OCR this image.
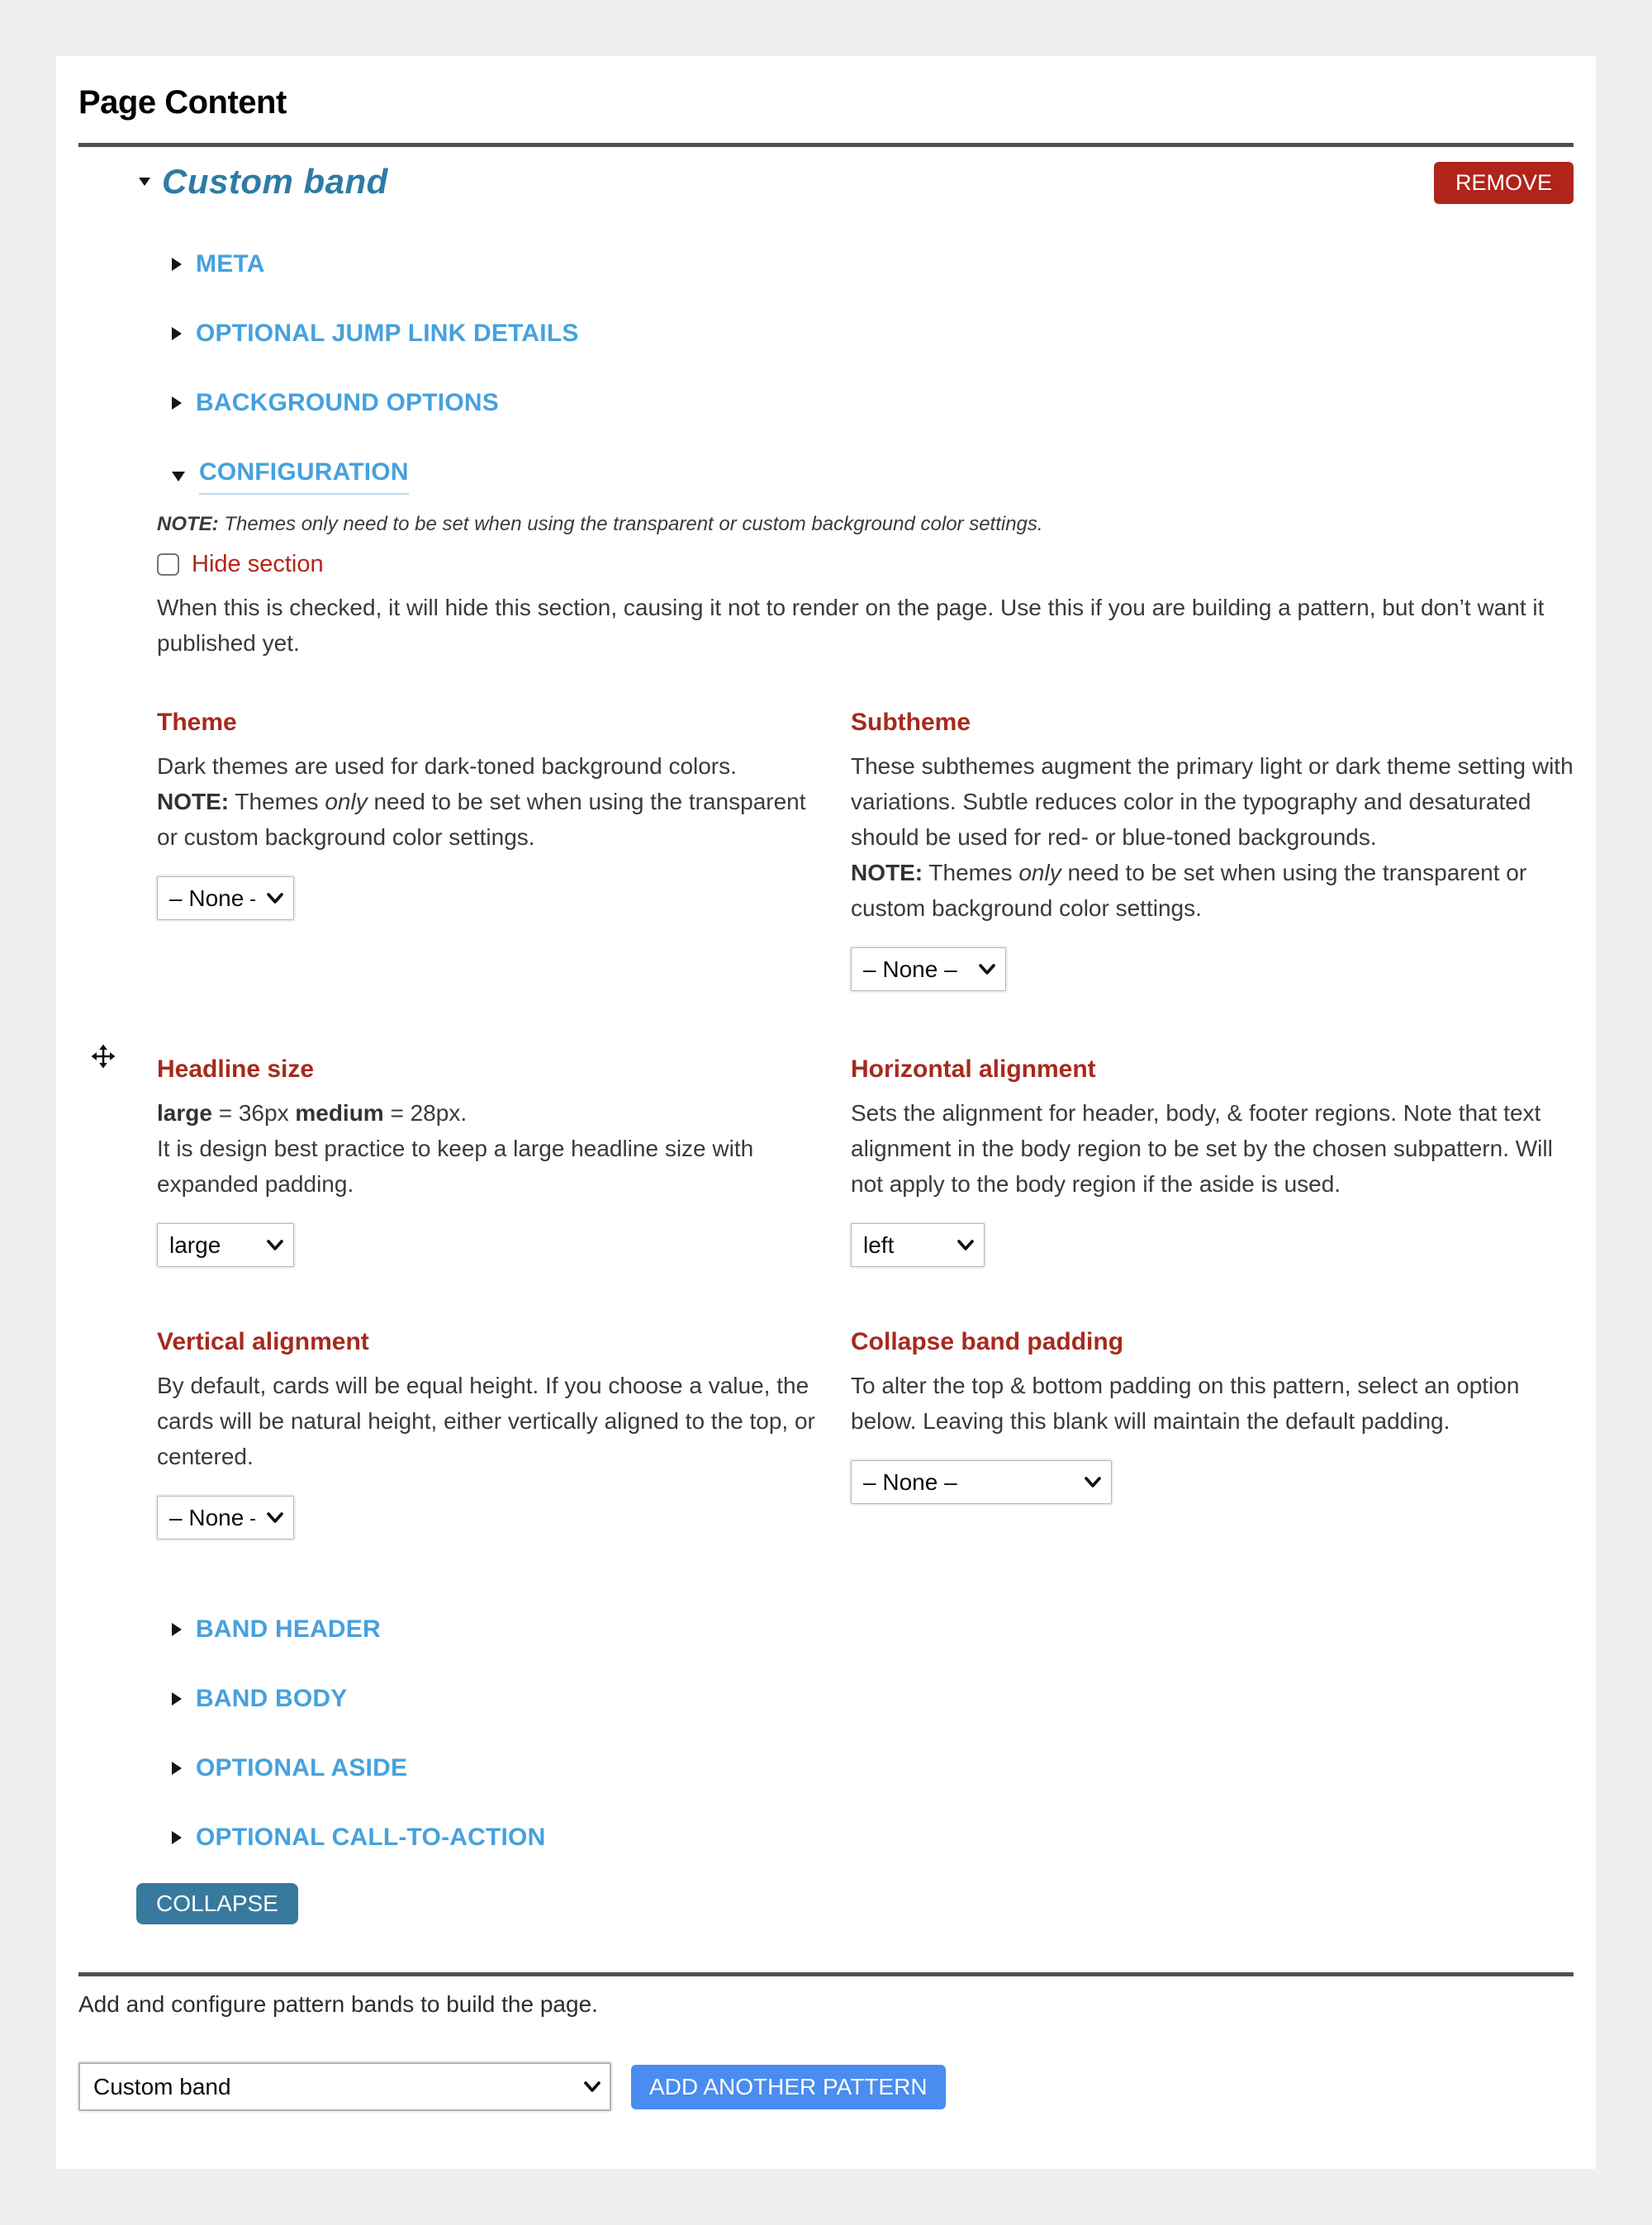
Page Content
Custom band	REMOVE
META
OPTIONAL JUMP LINK DETAILS
BACKGROUND OPTIONS
CONFIGURATION
NOTE: Themes only need to be set when using the transparent or custom background color settings.
Hide section
When this is checked, it will hide this section, causing it not to render on the page. Use this if you are building a pattern, but don’t want it published yet.
Theme
Dark themes are used for dark-toned background colors.
NOTE: Themes only need to be set when using the transparent or custom background color settings.
– None –
Subtheme
These subthemes augment the primary light or dark theme setting with variations. Subtle reduces color in the typography and desaturated should be used for red- or blue-toned backgrounds.
NOTE: Themes only need to be set when using the transparent or custom background color settings.
– None –
Headline size
large = 36px medium = 28px.
It is design best practice to keep a large headline size with expanded padding.
large
Horizontal alignment
Sets the alignment for header, body, & footer regions. Note that text alignment in the body region to be set by the chosen subpattern. Will not apply to the body region if the aside is used.
left
Vertical alignment
By default, cards will be equal height. If you choose a value, the cards will be natural height, either vertically aligned to the top, or centered.
– None –
Collapse band padding
To alter the top & bottom padding on this pattern, select an option below. Leaving this blank will maintain the default padding.
– None –
BAND HEADER
BAND BODY
OPTIONAL ASIDE
OPTIONAL CALL-TO-ACTION
COLLAPSE
Add and configure pattern bands to build the page.
Custom band
ADD ANOTHER PATTERN
